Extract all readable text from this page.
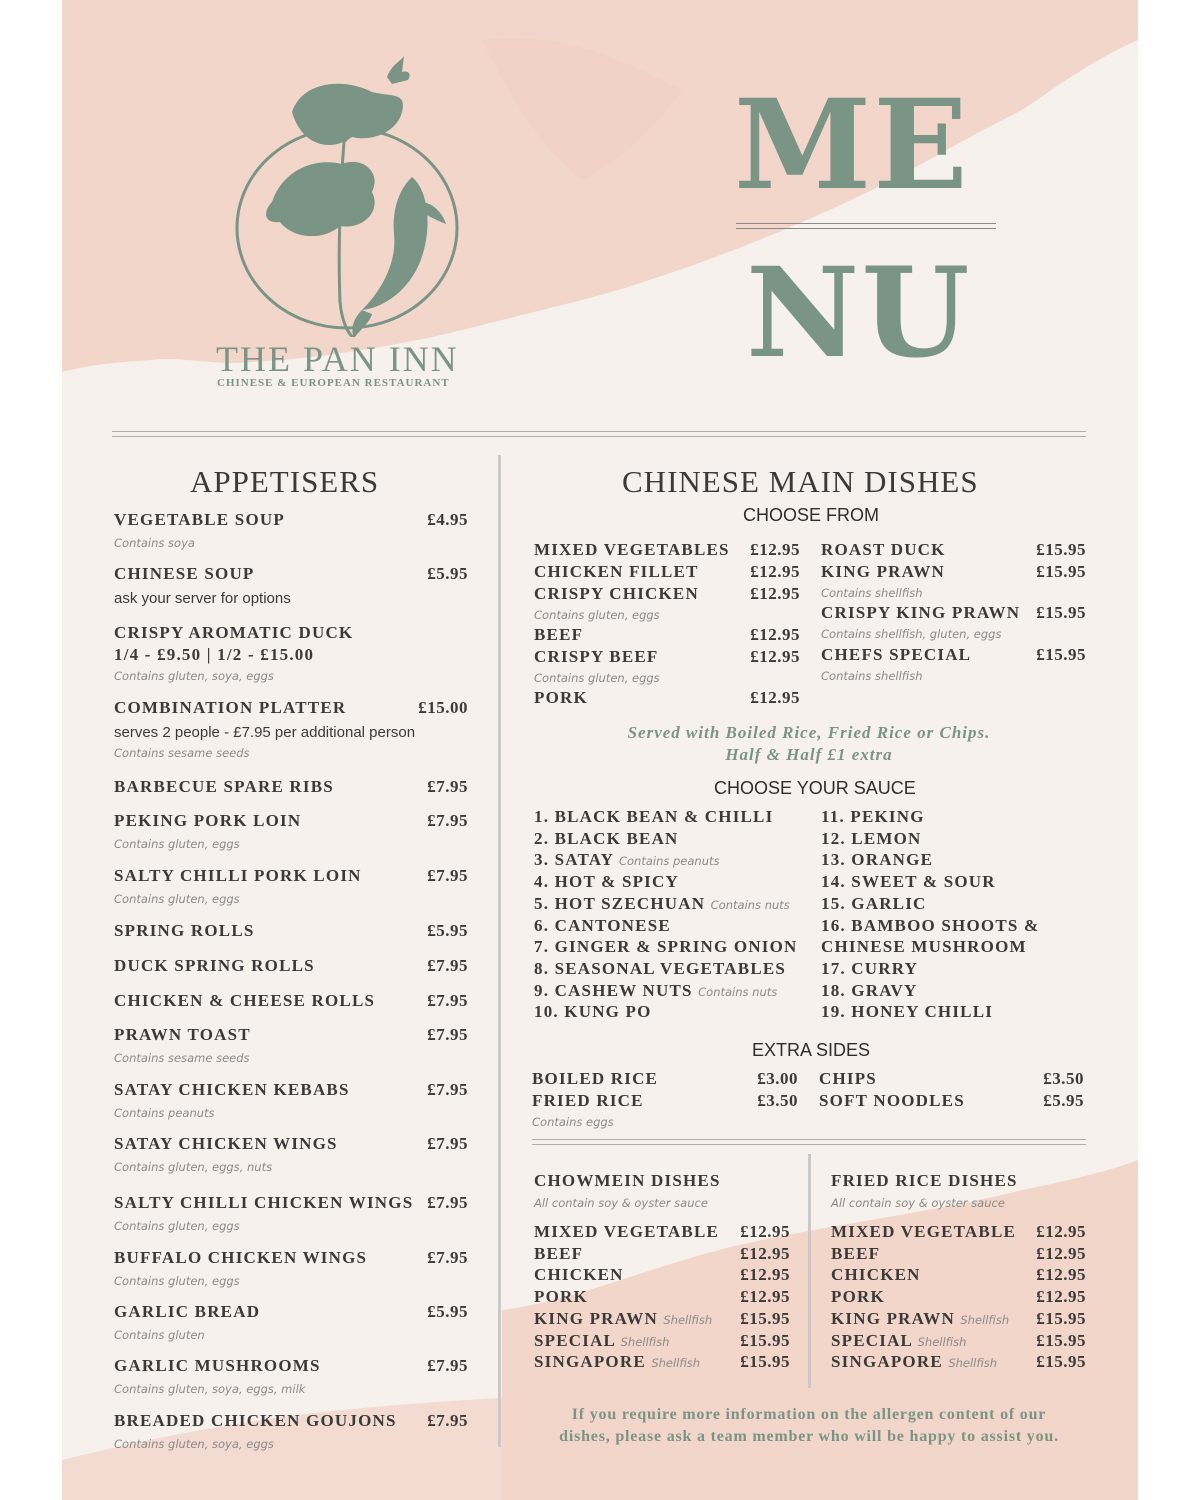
THE PAN INN
CHINESE & EUROPEAN RESTAURANT
ME
NU
APPETISERS	CHINESE MAIN DISHES
CHOOSE FROM
Served with Boiled Rice, Fried Rice or Chips.
Half & Half £1 extra
CHOOSE YOUR SAUCE
EXTRA SIDES
Contains eggs
CHOWMEIN DISHES
All contain soy & oyster sauce
FRIED RICE DISHES
All contain soy & oyster sauce
If you require more information on the allergen content of our
dishes, please ask a team member who will be happy to assist you.
VEGETABLE SOUP	£4.95
Contains soya
CHINESE SOUP	£5.95
ask your server for options
CRISPY AROMATIC DUCK
1/4 - £9.50 | 1/2 - £15.00
Contains gluten, soya, eggs
COMBINATION PLATTER	£15.00
serves 2 people - £7.95 per additional person
Contains sesame seeds
BARBECUE SPARE RIBS	£7.95
PEKING PORK LOIN	£7.95
Contains gluten, eggs
SALTY CHILLI PORK LOIN	£7.95
Contains gluten, eggs
SPRING ROLLS	£5.95
DUCK SPRING ROLLS	£7.95
CHICKEN & CHEESE ROLLS	£7.95
PRAWN TOAST	£7.95
Contains sesame seeds
SATAY CHICKEN KEBABS	£7.95
Contains peanuts
SATAY CHICKEN WINGS	£7.95
Contains gluten, eggs, nuts
SALTY CHILLI CHICKEN WINGS £7.95
Contains gluten, eggs
BUFFALO CHICKEN WINGS	£7.95
Contains gluten, eggs
GARLIC BREAD	£5.95
Contains gluten
GARLIC MUSHROOMS	£7.95
Contains gluten, soya, eggs, milk
BREADED CHICKEN GOUJONS £7.95
Contains gluten, soya, eggs
MIXED VEGETABLES £12.95
CHICKEN FILLET	£12.95
CRISPY CHICKEN	£12.95
Contains gluten, eggs
BEEF	£12.95
CRISPY BEEF	£12.95
Contains gluten, eggs
PORK	£12.95
ROAST DUCK	£15.95
KING PRAWN	£15.95
Contains shellfish
CRISPY KING PRAWN £15.95
Contains shellfish, gluten, eggs
CHEFS SPECIAL	£15.95
Contains shellfish
1. BLACK BEAN & CHILLI
2. BLACK BEAN
3. SATAY Contains peanuts
4. HOT & SPICY
5. HOT SZECHUAN Contains nuts
6. CANTONESE
7. GINGER & SPRING ONION
8. SEASONAL VEGETABLES
9. CASHEW NUTS Contains nuts
10. KUNG PO
11. PEKING
12. LEMON
13. ORANGE
14. SWEET & SOUR
15. GARLIC
16. BAMBOO SHOOTS &
CHINESE MUSHROOM
17. CURRY
18. GRAVY
19. HONEY CHILLI
BOILED RICE	£3.00
FRIED RICE	£3.50
CHIPS	£3.50
SOFT NOODLES	£5.95
MIXED VEGETABLE £12.95
BEEF	£12.95
CHICKEN	£12.95
PORK	£12.95
KING PRAWN Shellfish £15.95
SPECIAL Shellfish	£15.95
SINGAPORE Shellfish £15.95
MIXED VEGETABLE £12.95
BEEF	£12.95
CHICKEN	£12.95
PORK	£12.95
KING PRAWN Shellfish £15.95
SPECIAL Shellfish	£15.95
SINGAPORE Shellfish £15.95
